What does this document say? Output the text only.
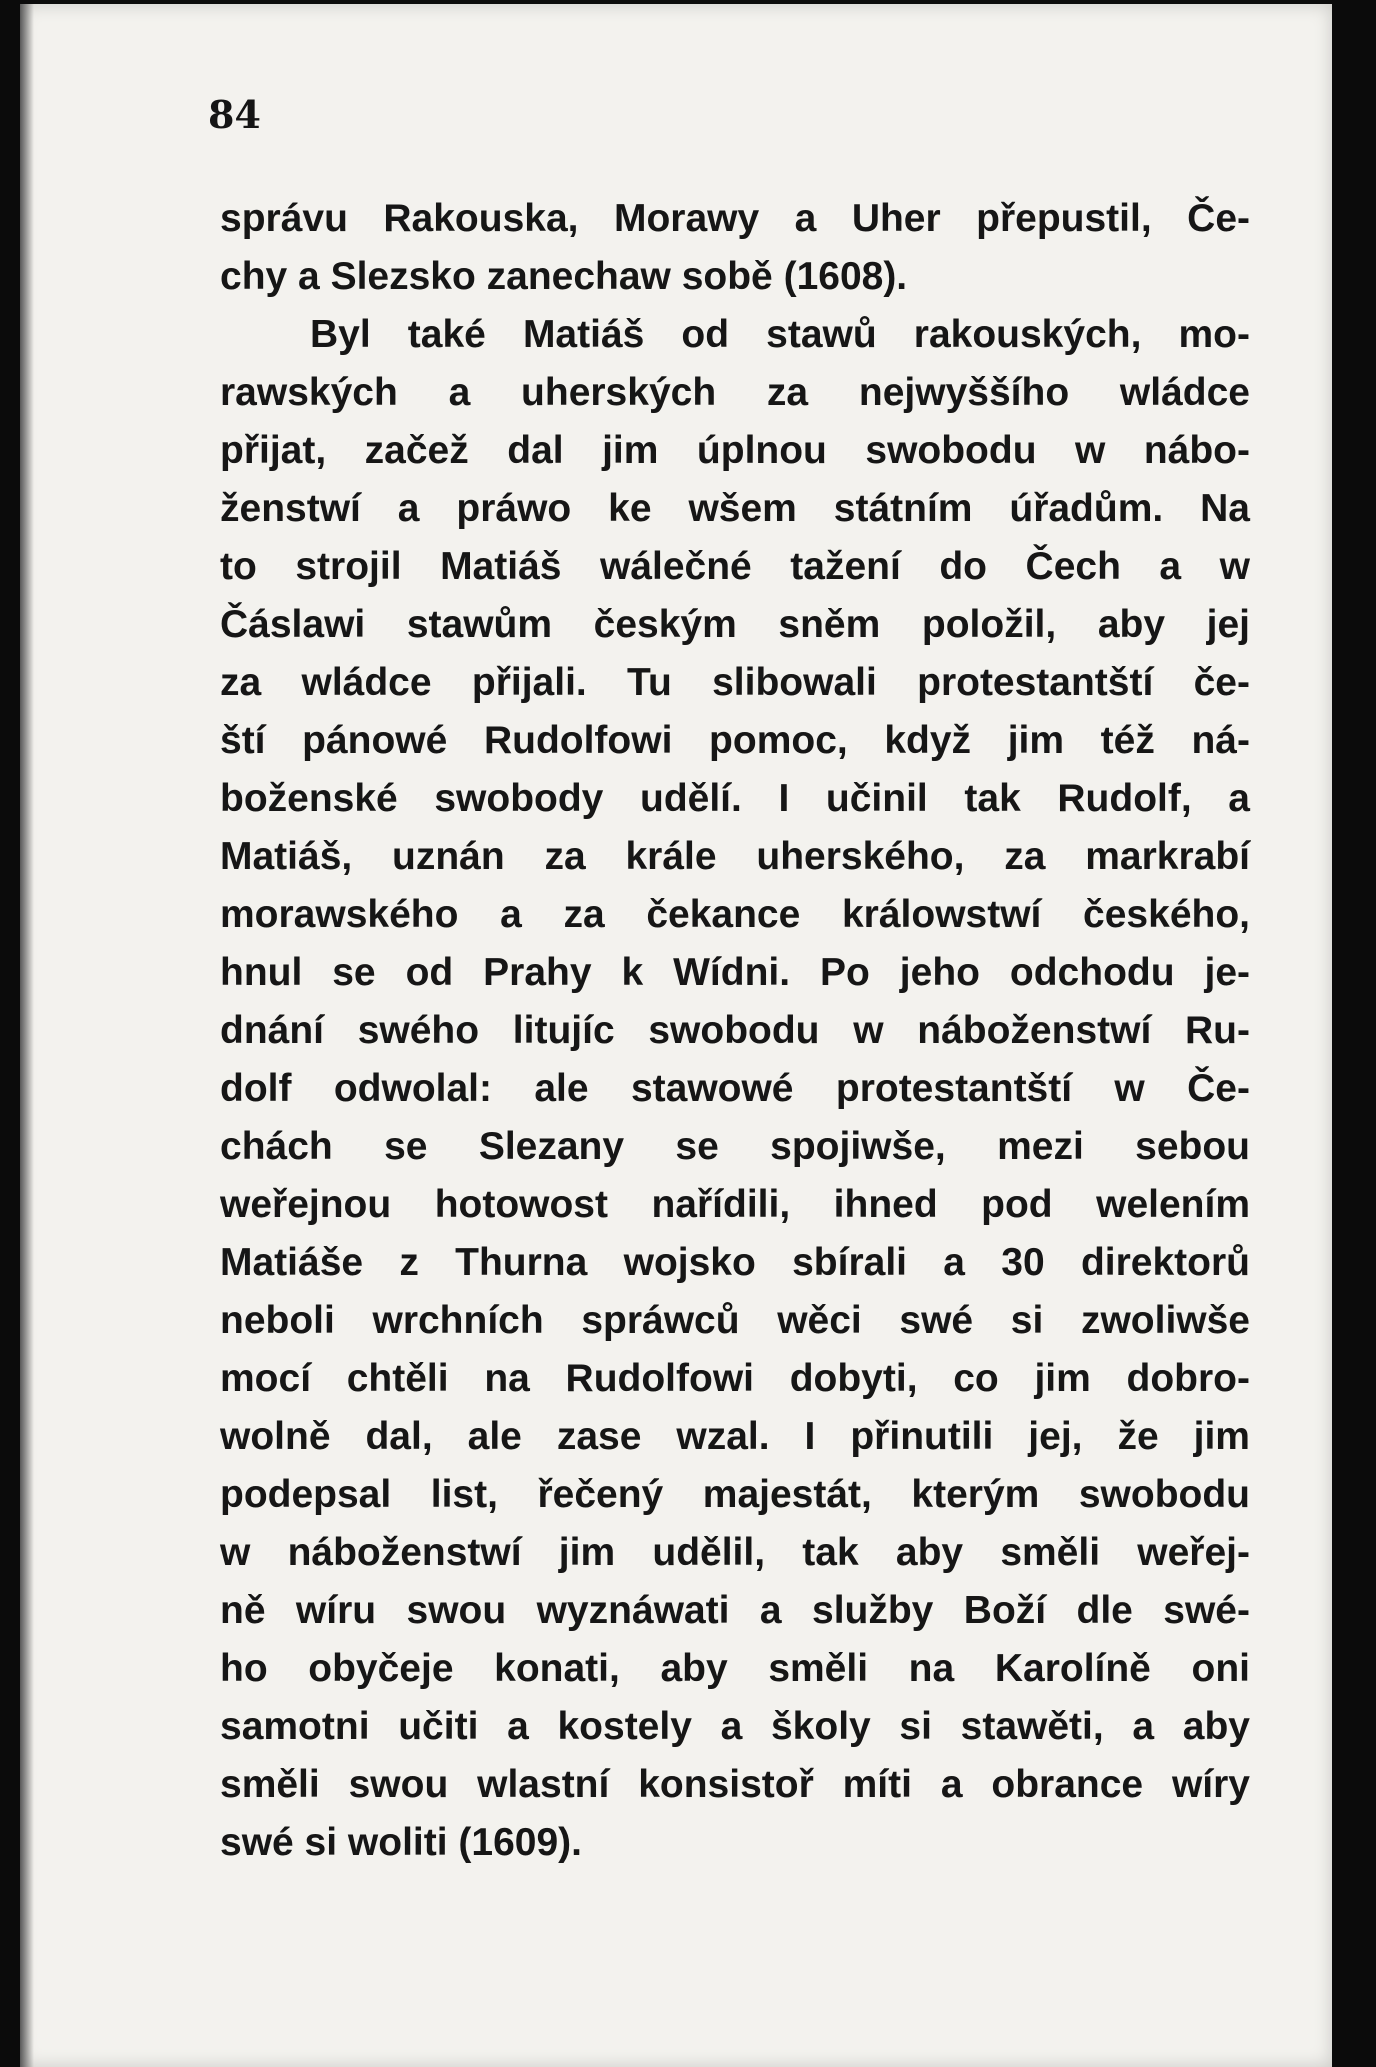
84
správu Rakouska, Morawy a Uher přepustil, Če-
chy a Slezsko zanechaw sobě (1608).
Byl také Matiáš od stawů rakouských, mo-
rawských a uherských za nejwyššího wládce
přijat, začež dal jim úplnou swobodu w nábo-
ženstwí a práwo ke wšem státním úřadům. Na
to strojil Matiáš wálečné tažení do Čech a w
Čáslawi stawům českým sněm položil, aby jej
za wládce přijali. Tu slibowali protestantští če-
ští pánowé Rudolfowi pomoc, když jim též ná-
boženské swobody udělí. I učinil tak Rudolf, a
Matiáš, uznán za krále uherského, za markrabí
morawského a za čekance králowstwí českého,
hnul se od Prahy k Wídni. Po jeho odchodu je-
dnání swého litujíc swobodu w náboženstwí Ru-
dolf odwolal: ale stawowé protestantští w Če-
chách se Slezany se spojiwše, mezi sebou
weřejnou hotowost nařídili, ihned pod welením
Matiáše z Thurna wojsko sbírali a 30 direktorů
neboli wrchních spráwců wěci swé si zwoliwše
mocí chtěli na Rudolfowi dobyti, co jim dobro-
wolně dal, ale zase wzal. I přinutili jej, že jim
podepsal list, řečený majestát, kterým swobodu
w náboženstwí jim udělil, tak aby směli weřej-
ně wíru swou wyznáwati a služby Boží dle swé-
ho obyčeje konati, aby směli na Karolíně oni
samotni učiti a kostely a školy si stawěti, a aby
směli swou wlastní konsistoř míti a obrance wíry
swé si woliti (1609).
